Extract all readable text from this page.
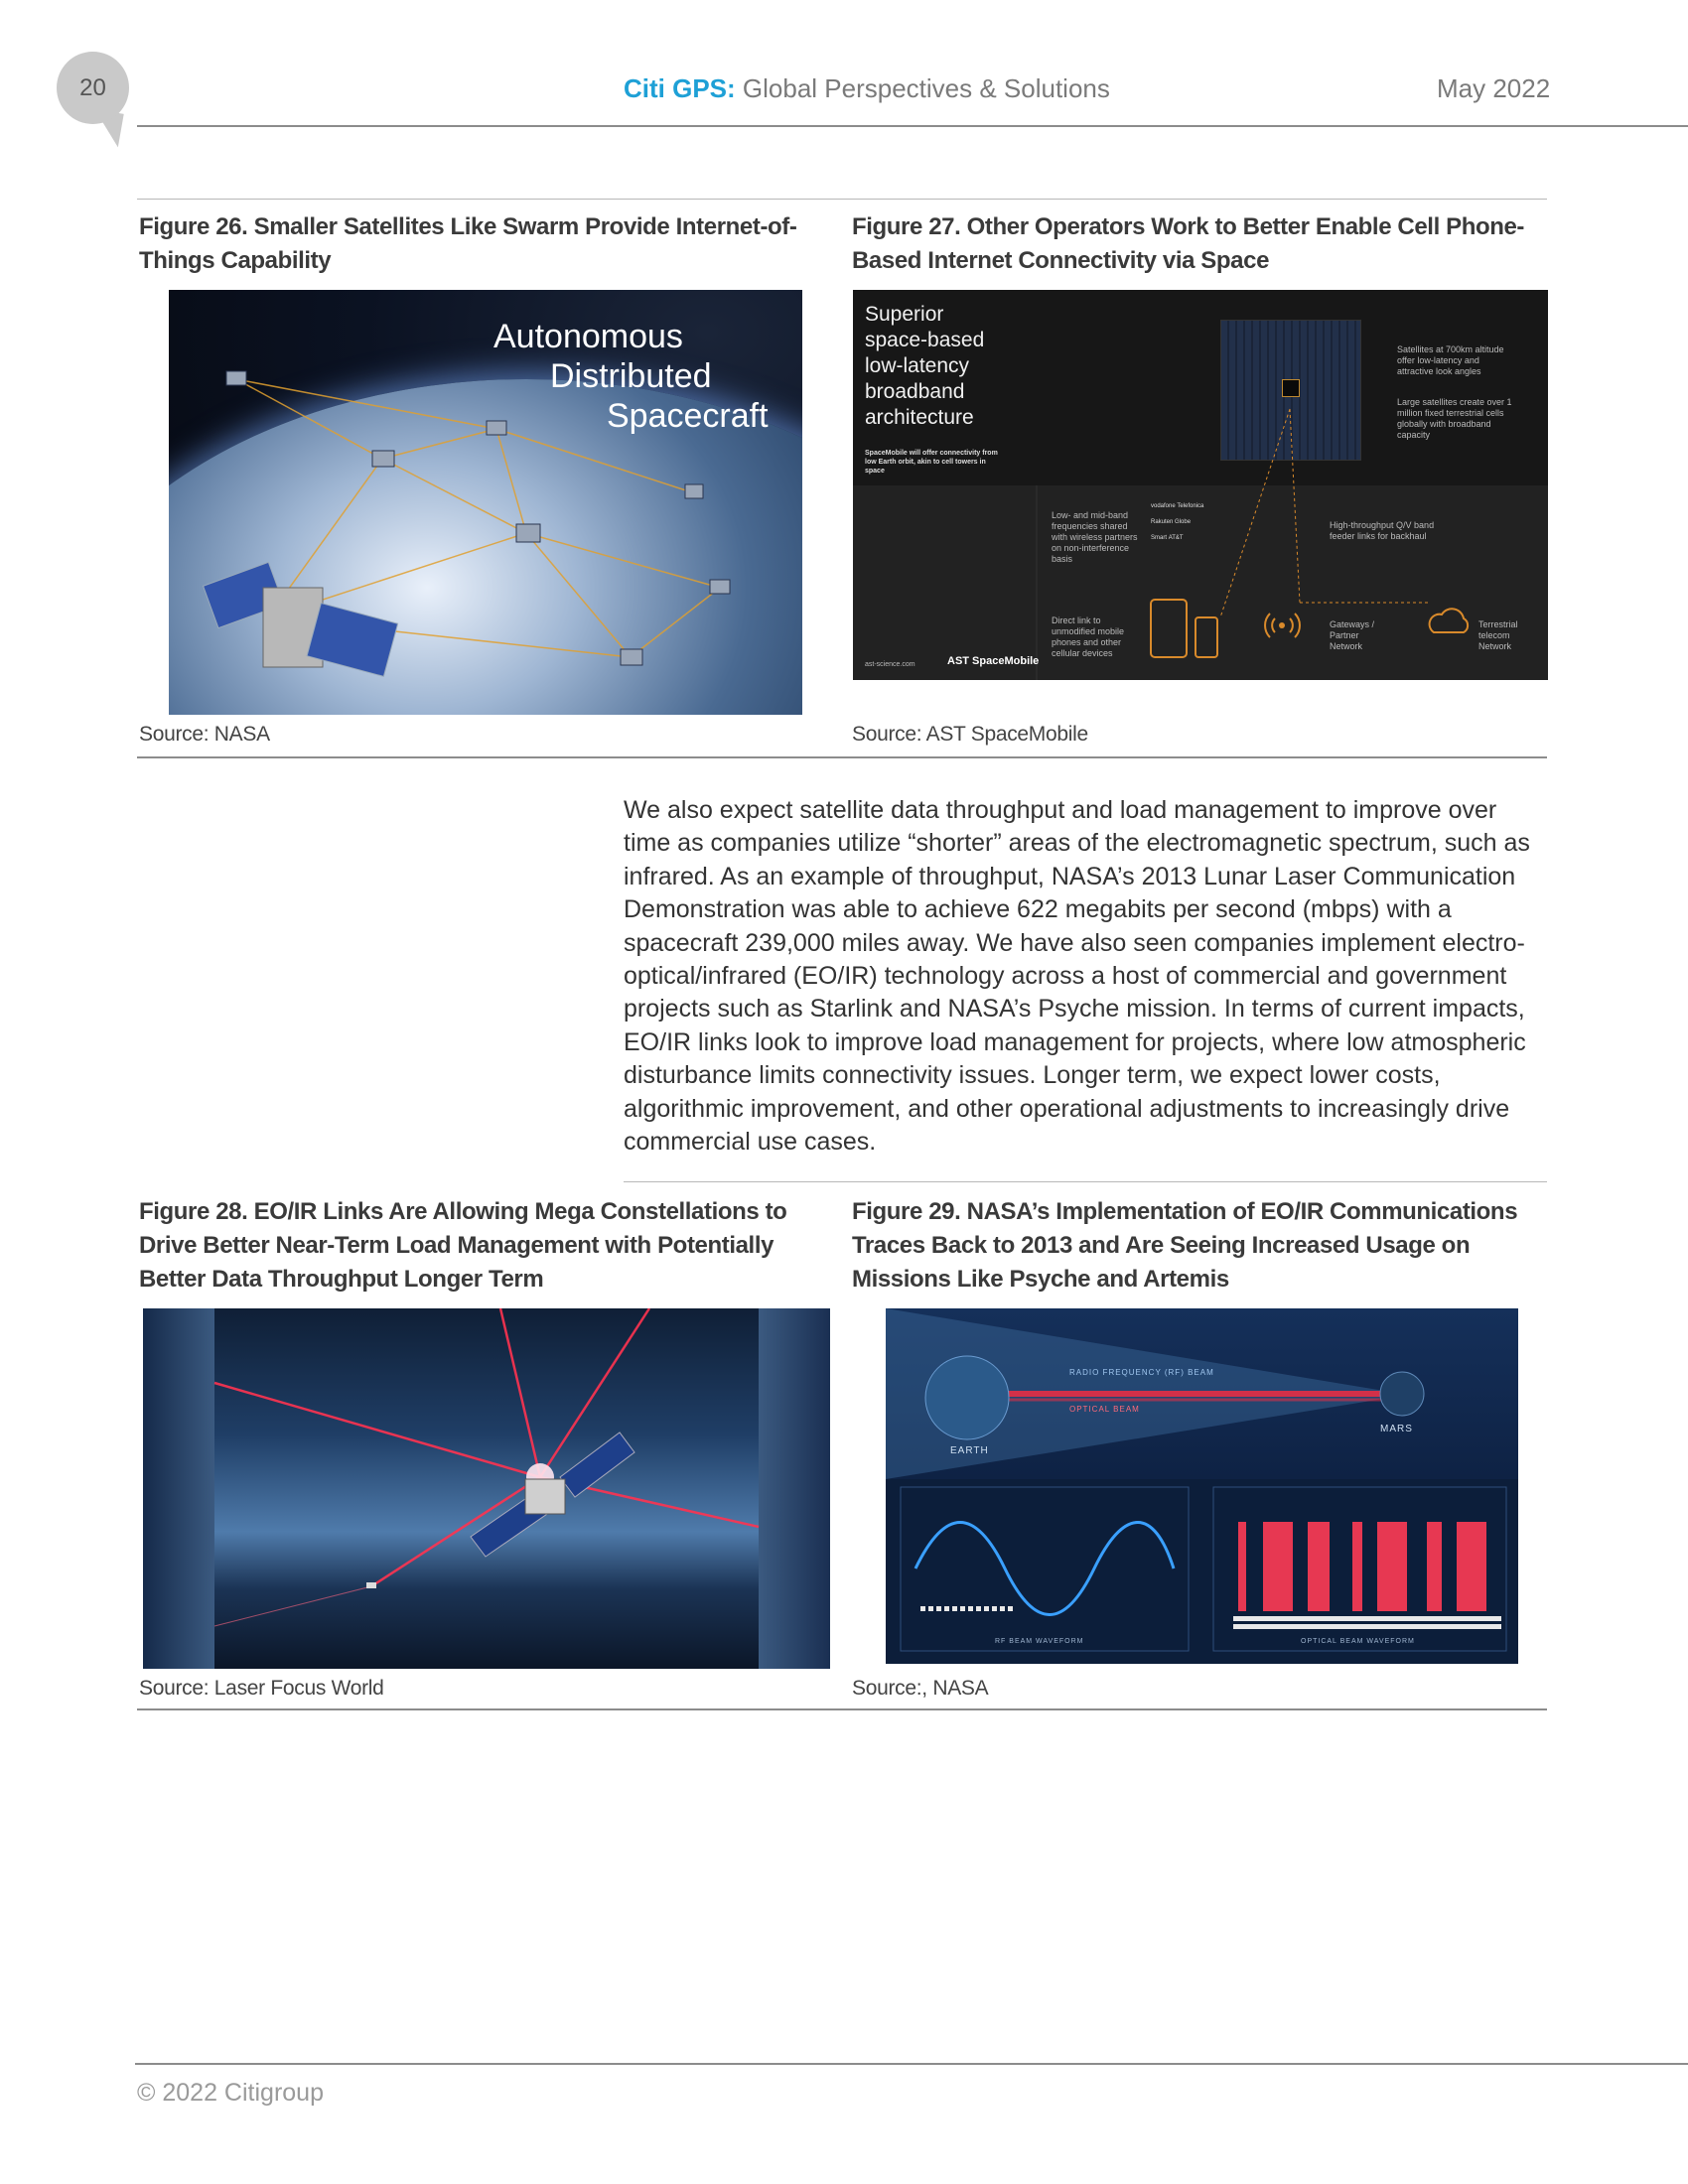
20	Citi GPS: Global Perspectives & Solutions	May 2022
Figure 26. Smaller Satellites Like Swarm Provide Internet-of-Things Capability
Figure 27. Other Operators Work to Better Enable Cell Phone-Based Internet Connectivity via Space
Autonomous
Distributed
Spacecraft
Superior
space-based
low-latency
broadband
architecture
SpaceMobile will offer connectivity from low Earth orbit, akin to cell towers in space
Satellites at 700km altitude offer low-latency and attractive look angles
Large satellites create over 1 million fixed terrestrial cells globally with broadband capacity
Low- and mid-band frequencies shared with wireless partners on non-interference basis
vodafone Telefonica
Rakuten Globe
Smart AT&T
High-throughput Q/V band feeder links for backhaul
Direct link to unmodified mobile phones and other cellular devices
Gateways / Partner Network
Terrestrial telecom Network
ast-science.com	AST SpaceMobile
Source: NASA	Source: AST SpaceMobile
We also expect satellite data throughput and load management to improve over time as companies utilize “shorter” areas of the electromagnetic spectrum, such as infrared. As an example of throughput, NASA’s 2013 Lunar Laser Communication Demonstration was able to achieve 622 megabits per second (mbps) with a spacecraft 239,000 miles away. We have also seen companies implement electro-optical/infrared (EO/IR) technology across a host of commercial and government projects such as Starlink and NASA’s Psyche mission. In terms of current impacts, EO/IR links look to improve load management for projects, where low atmospheric disturbance limits connectivity issues. Longer term, we expect lower costs, algorithmic improvement, and other operational adjustments to increasingly drive commercial use cases.
Figure 28. EO/IR Links Are Allowing Mega Constellations to Drive Better Near-Term Load Management with Potentially Better Data Throughput Longer Term
Figure 29. NASA’s Implementation of EO/IR Communications Traces Back to 2013 and Are Seeing Increased Usage on Missions Like Psyche and Artemis
RADIO FREQUENCY (RF) BEAM
OPTICAL BEAM
EARTH
MARS
RF BEAM WAVEFORM	OPTICAL BEAM WAVEFORM
Source: Laser Focus World	Source:, NASA
© 2022 Citigroup
